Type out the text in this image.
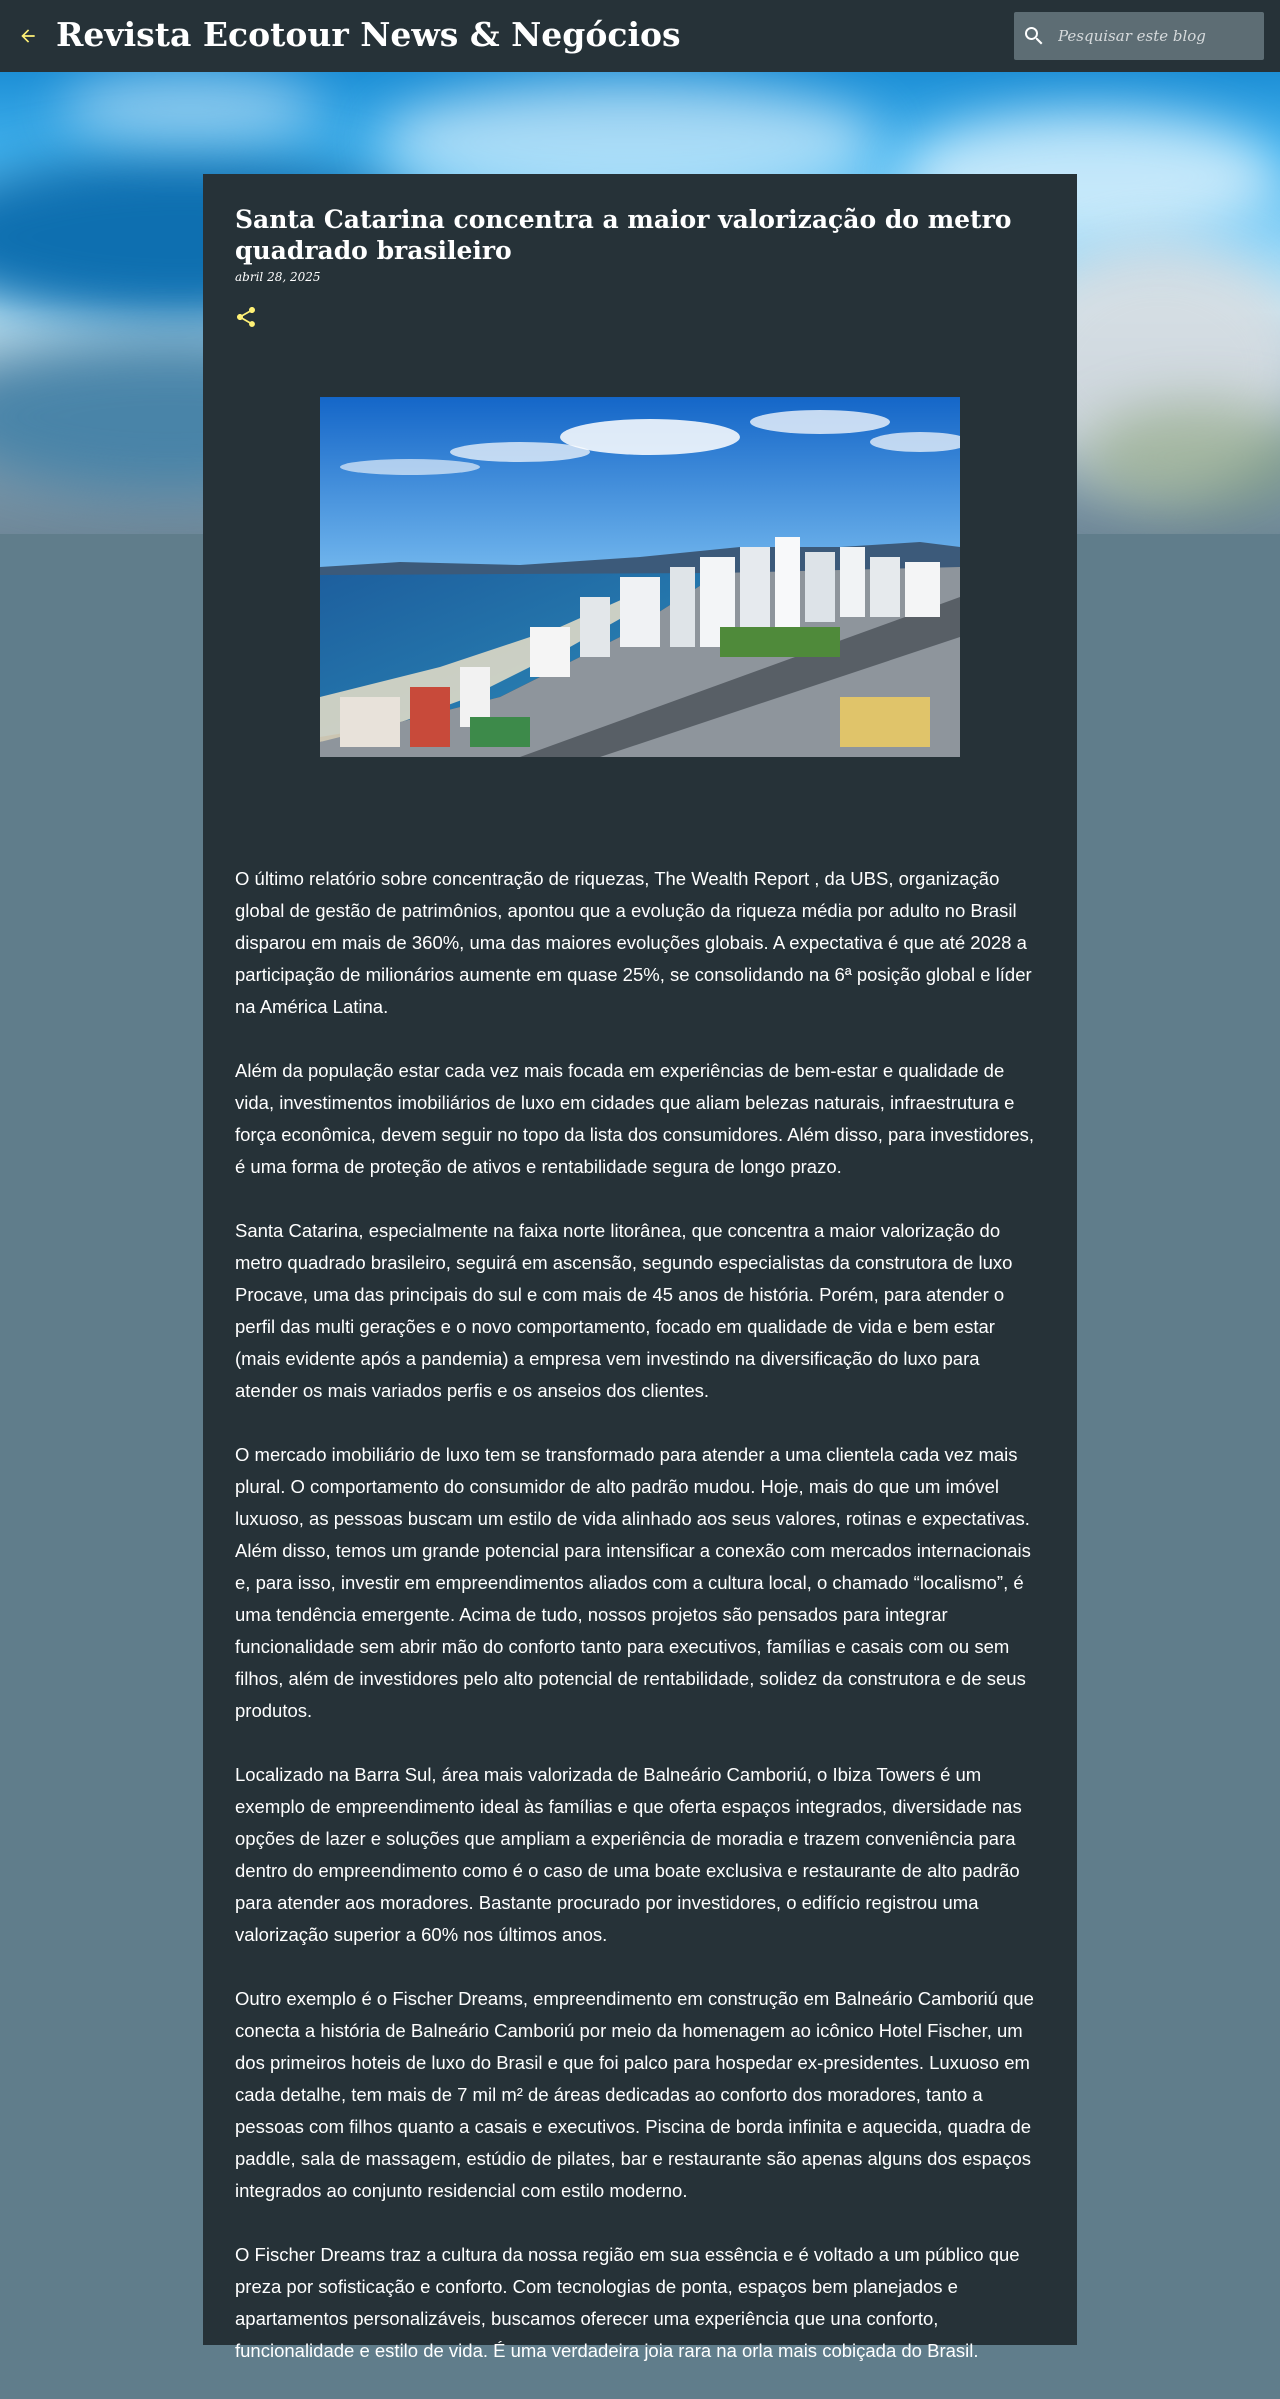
Revista Ecotour News & Negócios
Pesquisar este blog
Santa Catarina concentra a maior valorização do metro quadrado brasileiro
abril 28, 2025

O último relatório sobre concentração de riquezas, The Wealth Report , da UBS, organização global de gestão de patrimônios, apontou que a evolução da riqueza média por adulto no Brasil disparou em mais de 360%, uma das maiores evoluções globais. A expectativa é que até 2028 a participação de milionários aumente em quase 25%, se consolidando na 6ª posição global e líder na América Latina.

Além da população estar cada vez mais focada em experiências de bem-estar e qualidade de vida, investimentos imobiliários de luxo em cidades que aliam belezas naturais, infraestrutura e força econômica, devem seguir no topo da lista dos consumidores. Além disso, para investidores, é uma forma de proteção de ativos e rentabilidade segura de longo prazo.

Santa Catarina, especialmente na faixa norte litorânea, que concentra a maior valorização do metro quadrado brasileiro, seguirá em ascensão, segundo especialistas da construtora de luxo Procave, uma das principais do sul e com mais de 45 anos de história. Porém, para atender o perfil das multi gerações e o novo comportamento, focado em qualidade de vida e bem estar (mais evidente após a pandemia) a empresa vem investindo na diversificação do luxo para atender os mais variados perfis e os anseios dos clientes.

O mercado imobiliário de luxo tem se transformado para atender a uma clientela cada vez mais plural. O comportamento do consumidor de alto padrão mudou. Hoje, mais do que um imóvel luxuoso, as pessoas buscam um estilo de vida alinhado aos seus valores, rotinas e expectativas. Além disso, temos um grande potencial para intensificar a conexão com mercados internacionais e, para isso, investir em empreendimentos aliados com a cultura local, o chamado “localismo”, é uma tendência emergente. Acima de tudo, nossos projetos são pensados para integrar funcionalidade sem abrir mão do conforto tanto para executivos, famílias e casais com ou sem filhos, além de investidores pelo alto potencial de rentabilidade, solidez da construtora e de seus produtos.

Localizado na Barra Sul, área mais valorizada de Balneário Camboriú, o Ibiza Towers é um exemplo de empreendimento ideal às famílias e que oferta espaços integrados, diversidade nas opções de lazer e soluções que ampliam a experiência de moradia e trazem conveniência para dentro do empreendimento como é o caso de uma boate exclusiva e restaurante de alto padrão para atender aos moradores. Bastante procurado por investidores, o edifício registrou uma valorização superior a 60% nos últimos anos.

Outro exemplo é o Fischer Dreams, empreendimento em construção em Balneário Camboriú que conecta a história de Balneário Camboriú por meio da homenagem ao icônico Hotel Fischer, um dos primeiros hoteis de luxo do Brasil e que foi palco para hospedar ex-presidentes. Luxuoso em cada detalhe, tem mais de 7 mil m² de áreas dedicadas ao conforto dos moradores, tanto a pessoas com filhos quanto a casais e executivos. Piscina de borda infinita e aquecida, quadra de paddle, sala de massagem, estúdio de pilates, bar e restaurante são apenas alguns dos espaços integrados ao conjunto residencial com estilo moderno.

O Fischer Dreams traz a cultura da nossa região em sua essência e é voltado a um público que preza por sofisticação e conforto. Com tecnologias de ponta, espaços bem planejados e apartamentos personalizáveis, buscamos oferecer uma experiência que una conforto, funcionalidade e estilo de vida. É uma verdadeira joia rara na orla mais cobiçada do Brasil.
